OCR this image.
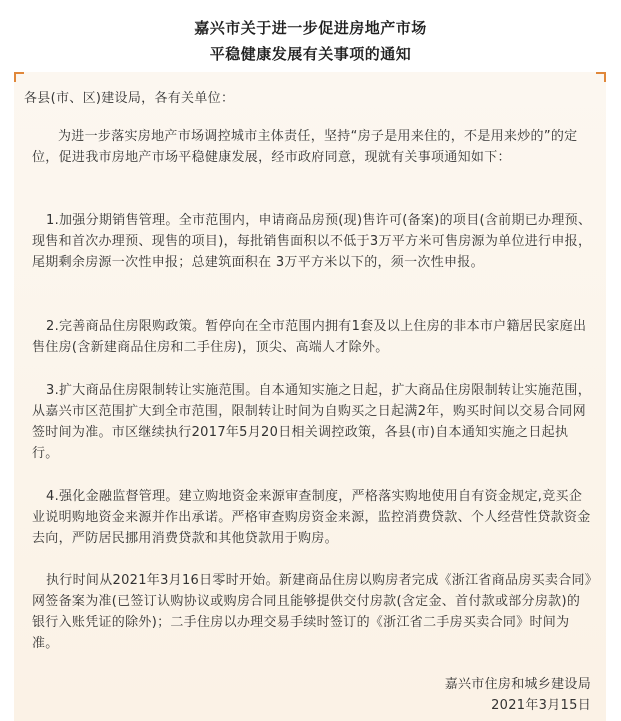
嘉兴市关于进一步促进房地产市场
平稳健康发展有关事项的通知
各县(市、区)建设局，各有关单位：
为进一步落实房地产市场调控城市主体责任，坚持“房子是用来住的，不是用来炒的”的定位，促进我市房地产市场平稳健康发展，经市政府同意，现就有关事项通知如下：
1.加强分期销售管理。全市范围内，申请商品房预(现)售许可(备案)的项目(含前期已办理预、现售和首次办理预、现售的项目)，每批销售面积以不低于3万平方米可售房源为单位进行申报，尾期剩余房源一次性申报；总建筑面积在 3万平方米以下的，须一次性申报。
2.完善商品住房限购政策。暂停向在全市范围内拥有1套及以上住房的非本市户籍居民家庭出售住房(含新建商品住房和二手住房)，顶尖、高端人才除外。
3.扩大商品住房限制转让实施范围。自本通知实施之日起，扩大商品住房限制转让实施范围，从嘉兴市区范围扩大到全市范围，限制转让时间为自购买之日起满2年，购买时间以交易合同网签时间为准。市区继续执行2017年5月20日相关调控政策，各县(市)自本通知实施之日起执行。
4.强化金融监督管理。建立购地资金来源审查制度，严格落实购地使用自有资金规定,竞买企业说明购地资金来源并作出承诺。严格审查购房资金来源，监控消费贷款、个人经营性贷款资金去向，严防居民挪用消费贷款和其他贷款用于购房。
执行时间从2021年3月16日零时开始。新建商品住房以购房者完成《浙江省商品房买卖合同》网签备案为准(已签订认购协议或购房合同且能够提供交付房款(含定金、首付款或部分房款)的银行入账凭证的除外)；二手住房以办理交易手续时签订的《浙江省二手房买卖合同》时间为准。
嘉兴市住房和城乡建设局
2021年3月15日
